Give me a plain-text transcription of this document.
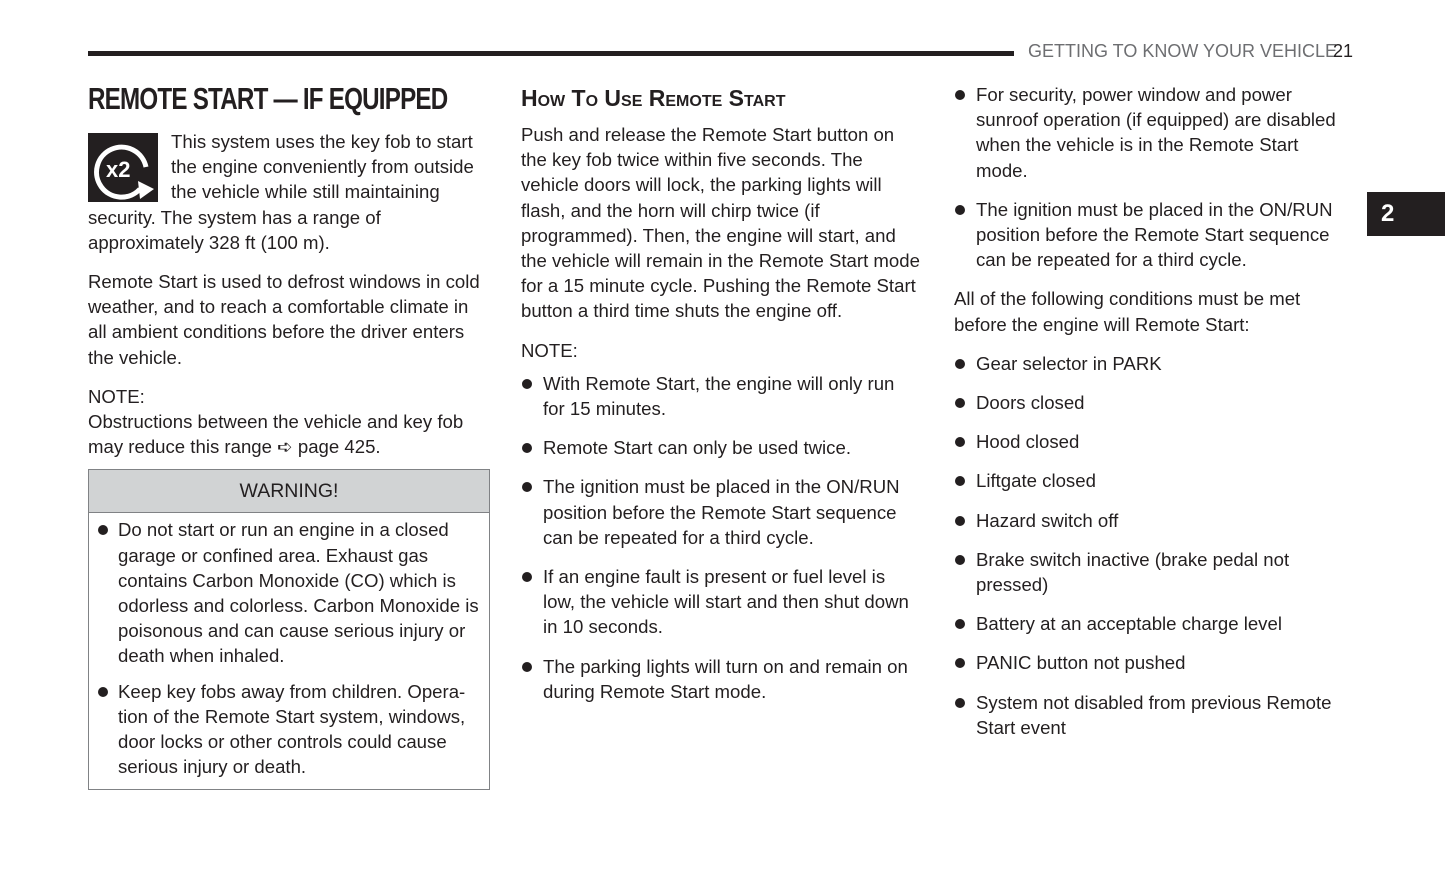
GETTING TO KNOW YOUR VEHICLE
21
2
REMOTE START — IF EQUIPPED
x2

This system uses the key fob to start the engine conveniently from outside the vehicle while still maintaining security. The system has a range of approximately 328 ft (100 m).

Remote Start is used to defrost windows in cold weather, and to reach a comfortable climate in all ambient conditions before the driver enters the vehicle.

NOTE:

Obstructions between the vehicle and key fob may reduce this range ➪ page 425.

WARNING!
Do not start or run an engine in a closed garage or confined area. Exhaust gas contains Carbon Monoxide (CO) which is odorless and colorless. Carbon Monoxide is poisonous and can cause serious injury or death when inhaled.
Keep key fobs away from children. Opera-tion of the Remote Start system, windows, door locks or other controls could cause serious injury or death.
How To Use Remote Start

Push and release the Remote Start button on the key fob twice within five seconds. The vehicle doors will lock, the parking lights will flash, and the horn will chirp twice (if programmed). Then, the engine will start, and the vehicle will remain in the Remote Start mode for a 15 minute cycle. Pushing the Remote Start button a third time shuts the engine off.

NOTE:

With Remote Start, the engine will only run for 15 minutes.
Remote Start can only be used twice.
The ignition must be placed in the ON/RUN position before the Remote Start sequence can be repeated for a third cycle.
If an engine fault is present or fuel level is low, the vehicle will start and then shut down in 10 seconds.
The parking lights will turn on and remain on during Remote Start mode.
For security, power window and power sunroof operation (if equipped) are disabled when the vehicle is in the Remote Start mode.
The ignition must be placed in the ON/RUN position before the Remote Start sequence can be repeated for a third cycle.

All of the following conditions must be met before the engine will Remote Start:

Gear selector in PARK
Doors closed
Hood closed
Liftgate closed
Hazard switch off
Brake switch inactive (brake pedal not pressed)
Battery at an acceptable charge level
PANIC button not pushed
System not disabled from previous Remote Start event
